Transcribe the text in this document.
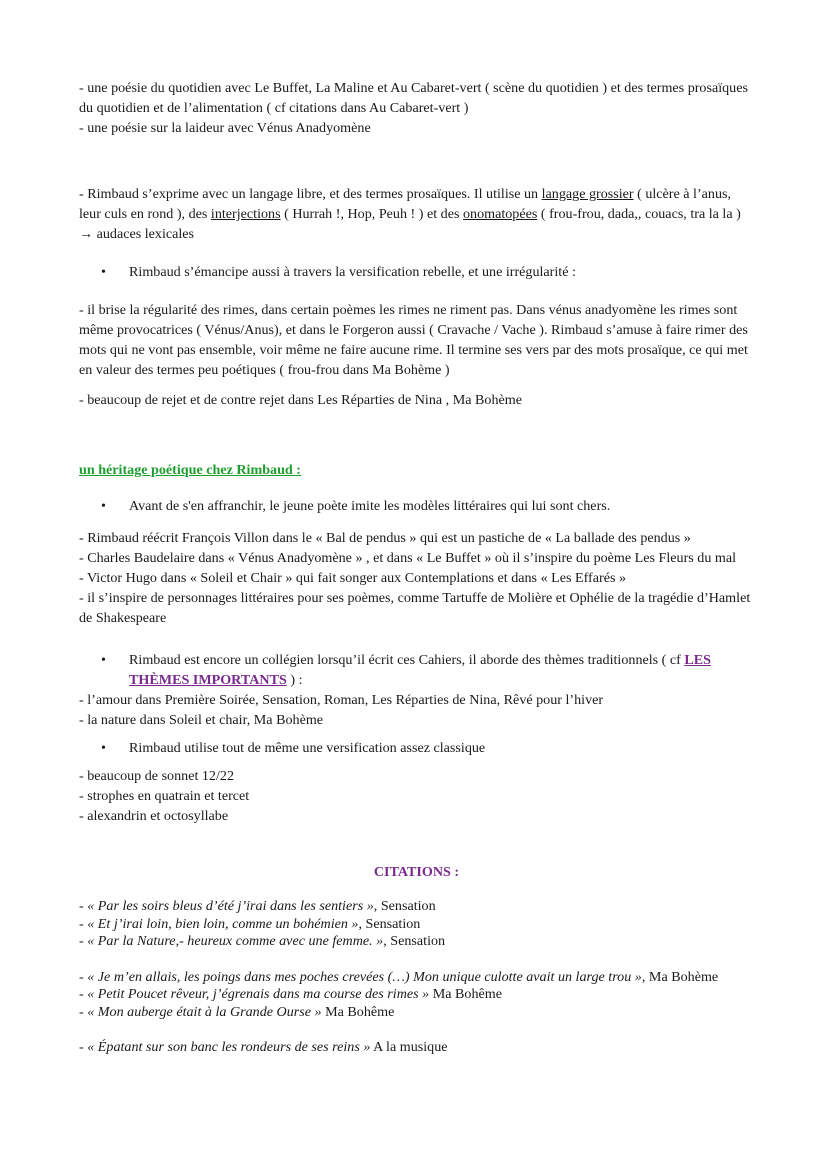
- une poésie du quotidien avec Le Buffet, La Maline et Au Cabaret-vert ( scène du quotidien ) et des termes prosaïques du quotidien et de l’alimentation ( cf citations dans Au Cabaret-vert )

- une poésie sur la laideur avec Vénus Anadyomène

- Rimbaud s’exprime avec un langage libre, et des termes prosaïques. Il utilise un langage grossier ( ulcère à l’anus, leur culs en rond ), des interjections ( Hurrah !, Hop, Peuh ! ) et des onomatopées ( frou-frou, dada,, couacs, tra la la ) → audaces lexicales

• Rimbaud s’émancipe aussi à travers la versification rebelle, et une irrégularité :

- il brise la régularité des rimes, dans certain poèmes les rimes ne riment pas. Dans vénus anadyomène les rimes sont même provocatrices ( Vénus/Anus), et dans le Forgeron aussi ( Cravache / Vache ). Rimbaud s’amuse à faire rimer des mots qui ne vont pas ensemble, voir même ne faire aucune rime. Il termine ses vers par des mots prosaïque, ce qui met en valeur des termes peu poétiques ( frou-frou dans Ma Bohème )

- beaucoup de rejet et de contre rejet dans Les Réparties de Nina , Ma Bohème

un héritage poétique chez Rimbaud :

• Avant de s'en affranchir, le jeune poète imite les modèles littéraires qui lui sont chers.

- Rimbaud réécrit François Villon dans le « Bal de pendus » qui est un pastiche de « La ballade des pendus »

- Charles Baudelaire dans « Vénus Anadyomène » , et dans « Le Buffet » où il s’inspire du poème Les Fleurs du mal

- Victor Hugo dans « Soleil et Chair » qui fait songer aux Contemplations et dans « Les Effarés »

- il s’inspire de personnages littéraires pour ses poèmes, comme Tartuffe de Molière et Ophélie de la tragédie d’Hamlet de Shakespeare

• Rimbaud est encore un collégien lorsqu’il écrit ces Cahiers, il aborde des thèmes traditionnels ( cf LES THÈMES IMPORTANTS ) :

- l’amour dans Première Soirée, Sensation, Roman, Les Réparties de Nina, Rêvé pour l’hiver

- la nature dans Soleil et chair, Ma Bohème

• Rimbaud utilise tout de même une versification assez classique

- beaucoup de sonnet 12/22

- strophes en quatrain et tercet

- alexandrin et octosyllabe

CITATIONS :

- « Par les soirs bleus d’été j’irai dans les sentiers », Sensation

- « Et j’irai loin, bien loin, comme un bohémien », Sensation

- « Par la Nature,- heureux comme avec une femme. », Sensation

- « Je m’en allais, les poings dans mes poches crevées (…) Mon unique culotte avait un large trou », Ma Bohème

- « Petit Poucet rêveur, j’égrenais dans ma course des rimes » Ma Bohême

- « Mon auberge était à la Grande Ourse » Ma Bohême

- « Épatant sur son banc les rondeurs de ses reins » A la musique
